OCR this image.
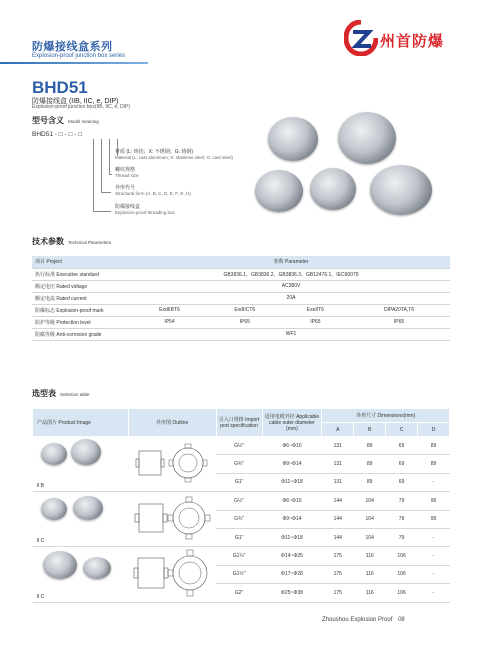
防爆接线盒系列
Explosion-proof junction box series
州首防爆
BHD51
防爆接线盒 (IIB, IIC, e, DIP)
Explosion-proof junction box(IIB, IIC, e, DIP)
型号含义 Model meaning
BHD51 - □ - □ - □
材质 (L: 铸铝；X: 不锈钢；G: 铸钢)
Material (L: cast aluminum; X: stainless steel; G: cast steel)
螺纹规格
Thread size
外形代号
Structural form (A, B, C, D, E, F, G, H)
防爆接线盒
Explosion-proof threading box
技术参数 Technical Parameters
项目 Project	参数 Parameter			
执行标准 Executive standard	GB3836.1、GB3836.2、GB3836.3、GB12476.1、IEC60079			
额定电压 Rated voltage	AC380V			
额定电流 Rated current	20A			
防爆标志 Explosion-proof mark	ExdIIBT6	ExdIICT6	ExeIIT6	DIPA20TA,T6
防护等级 Protection level	IP54	IP65	IP65	IP65
防腐等级 Anti-corrosion grade	WF1			
选型表 Selection table
产品图片 Product Image	外形图 Outline	引入口规格 Import port specification	适用电缆外径 Applicable cable outer diameter (mm)	外形尺寸 Dimensions(mm)			
				A	B	C	D

II B		G½"	Φ6~Φ10	131	89	69	89
		G¾"	Φ9~Φ14	131	89	69	89
		G1"	Φ11~Φ18	131	89	69	-

II C		G½"	Φ6~Φ10	144	104	79	95
		G¾"	Φ9~Φ14	144	104	79	95
		G1"	Φ11~Φ18	144	104	79	-

II C		G1¼"	Φ14~Φ25	175	116	106	-
		G1½"	Φ17~Φ28	175	116	106	-
		G2"	Φ25~Φ38	175	116	106	-
Zhoushou Explosion Proof 08
